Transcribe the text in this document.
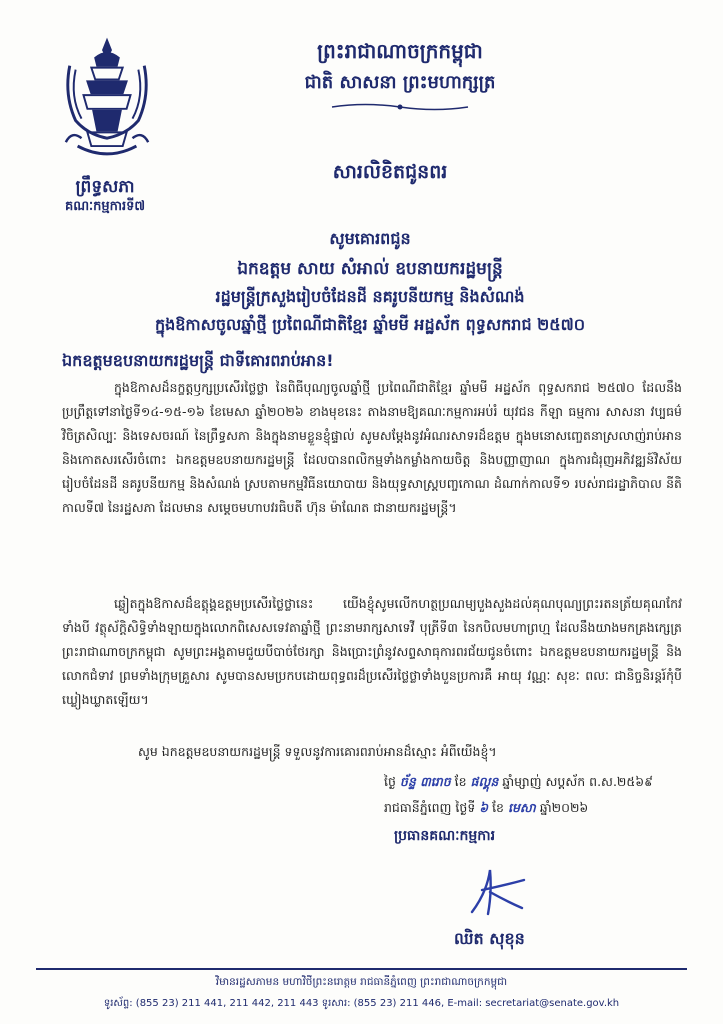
ព្រឹទ្ធសភា
គណៈកម្មការទី៧
ព្រះរាជាណាចក្រកម្ពុជា
ជាតិ សាសនា ព្រះមហាក្សត្រ
សារលិខិតជូនពរ
សូមគោរពជូន
ឯកឧត្តម សាយ សំអាល់ ឧបនាយករដ្ឋមន្ត្រី
រដ្ឋមន្ត្រីក្រសួងរៀបចំដែនដី នគរូបនីយកម្ម និងសំណង់
ក្នុងឱកាសចូលឆ្នាំថ្មី ប្រពៃណីជាតិខ្មែរ ឆ្នាំមមី អដ្ឋស័ក ពុទ្ធសករាជ ២៥៧០
ឯកឧត្តមឧបនាយករដ្ឋមន្ត្រី ជាទីគោរពរាប់អាន!
ក្នុងឱកាសដ៏នក្ខត្តឫក្សប្រសើរថ្លៃថ្លា នៃពិធីបុណ្យចូលឆ្នាំថ្មី ប្រពៃណីជាតិខ្មែរ ឆ្នាំមមី អដ្ឋស័ក ពុទ្ធសករាជ ២៥៧០ ដែលនឹងប្រព្រឹត្តទៅនាថ្ងៃទី១៤-១៥-១៦ ខែមេសា ឆ្នាំ២០២៦ ខាងមុខនេះ តាងនាមឱ្យគណៈកម្មការអប់រំ យុវជន កីឡា ធម្មការ សាសនា វប្បធម៌ វិចិត្រសិល្បៈ និងទេសចរណ៍ នៃព្រឹទ្ធសភា និងក្នុងនាមខ្លួនខ្ញុំផ្ទាល់ សូមសម្តែងនូវអំណរសាទរដ៏ឧត្តម ក្នុងមនោសញ្ចេតនាស្រលាញ់រាប់អាន និងកោតសរសើរចំពោះ ឯកឧត្តមឧបនាយករដ្ឋមន្ត្រី ដែលបានពលិកម្មទាំងកម្លាំងកាយចិត្ត និងបញ្ញាញាណ ក្នុងការជំរុញអភិវឌ្ឍន៍វិស័យរៀបចំដែនដី នគរូបនីយកម្ម និងសំណង់ ស្របតាមកម្មវិធីនយោបាយ និងយុទ្ធសាស្ត្របញ្ចកោណ ដំណាក់កាលទី១ របស់រាជរដ្ឋាភិបាល នីតិកាលទី៧ នៃរដ្ឋសភា ដែលមាន សម្តេចមហាបវរធិបតី ហ៊ុន ម៉ាណែត ជានាយករដ្ឋមន្ត្រី។
ឆ្លៀតក្នុងឱកាសដ៏ឧត្តុង្គឧត្តមប្រសើរថ្លៃថ្លានេះ យើងខ្ញុំសូមលើកហត្ថប្រណម្យបួងសួងដល់គុណបុណ្យព្រះរតនត្រ័យគុណកែវទាំងបី វត្ថុស័ក្តិសិទ្ធិទាំងឡាយក្នុងលោកពិសេសទេវតាឆ្នាំថ្មី ព្រះនាមរាក្សសាទេវី បុត្រីទី៣ នៃកបិលមហាព្រហ្ម ដែលនឹងយាងមកគ្រងក្សេត្រព្រះរាជាណាចក្រកម្ពុជា សូមព្រះអង្គតាមជួយបីបាច់ថែរក្សា និងប្រោះព្រំនូវសព្ទសាធុការពរជ័យជូនចំពោះ ឯកឧត្តមឧបនាយករដ្ឋមន្ត្រី និង លោកជំទាវ ព្រមទាំងក្រុមគ្រួសារ សូមបានសមប្រកបដោយពុទ្ធពរដ៏ប្រសើរថ្លៃថ្លាទាំងបួនប្រការគឺ អាយុ វណ្ណៈ សុខៈ ពលៈ ជានិច្ចនិរន្តរ៍កុំបីឃ្លៀងឃ្លាតឡើយ។
សូម ឯកឧត្តមឧបនាយករដ្ឋមន្ត្រី ទទួលនូវការគោរពរាប់អានដ៏ស្មោះ អំពីយើងខ្ញុំ។
ថ្ងៃ ច័ន្ទ ៣រោច ខែ ផល្គុន ឆ្នាំម្សាញ់ សប្តស័ក ព.ស.២៥៦៩
រាជធានីភ្នំពេញ ថ្ងៃទី ៦ ខែ មេសា ឆ្នាំ២០២៦
ប្រធានគណៈកម្មការ
ឈិត សុខុន
វិមានរដ្ឋសភាមន មហាវិថីព្រះនរោត្តម រាជធានីភ្នំពេញ ព្រះរាជាណាចក្រកម្ពុជា
ទូរស័ព្ទ: (855 23) 211 441, 211 442, 211 443 ទូរសារ: (855 23) 211 446, E-mail: secretariat@senate.gov.kh
